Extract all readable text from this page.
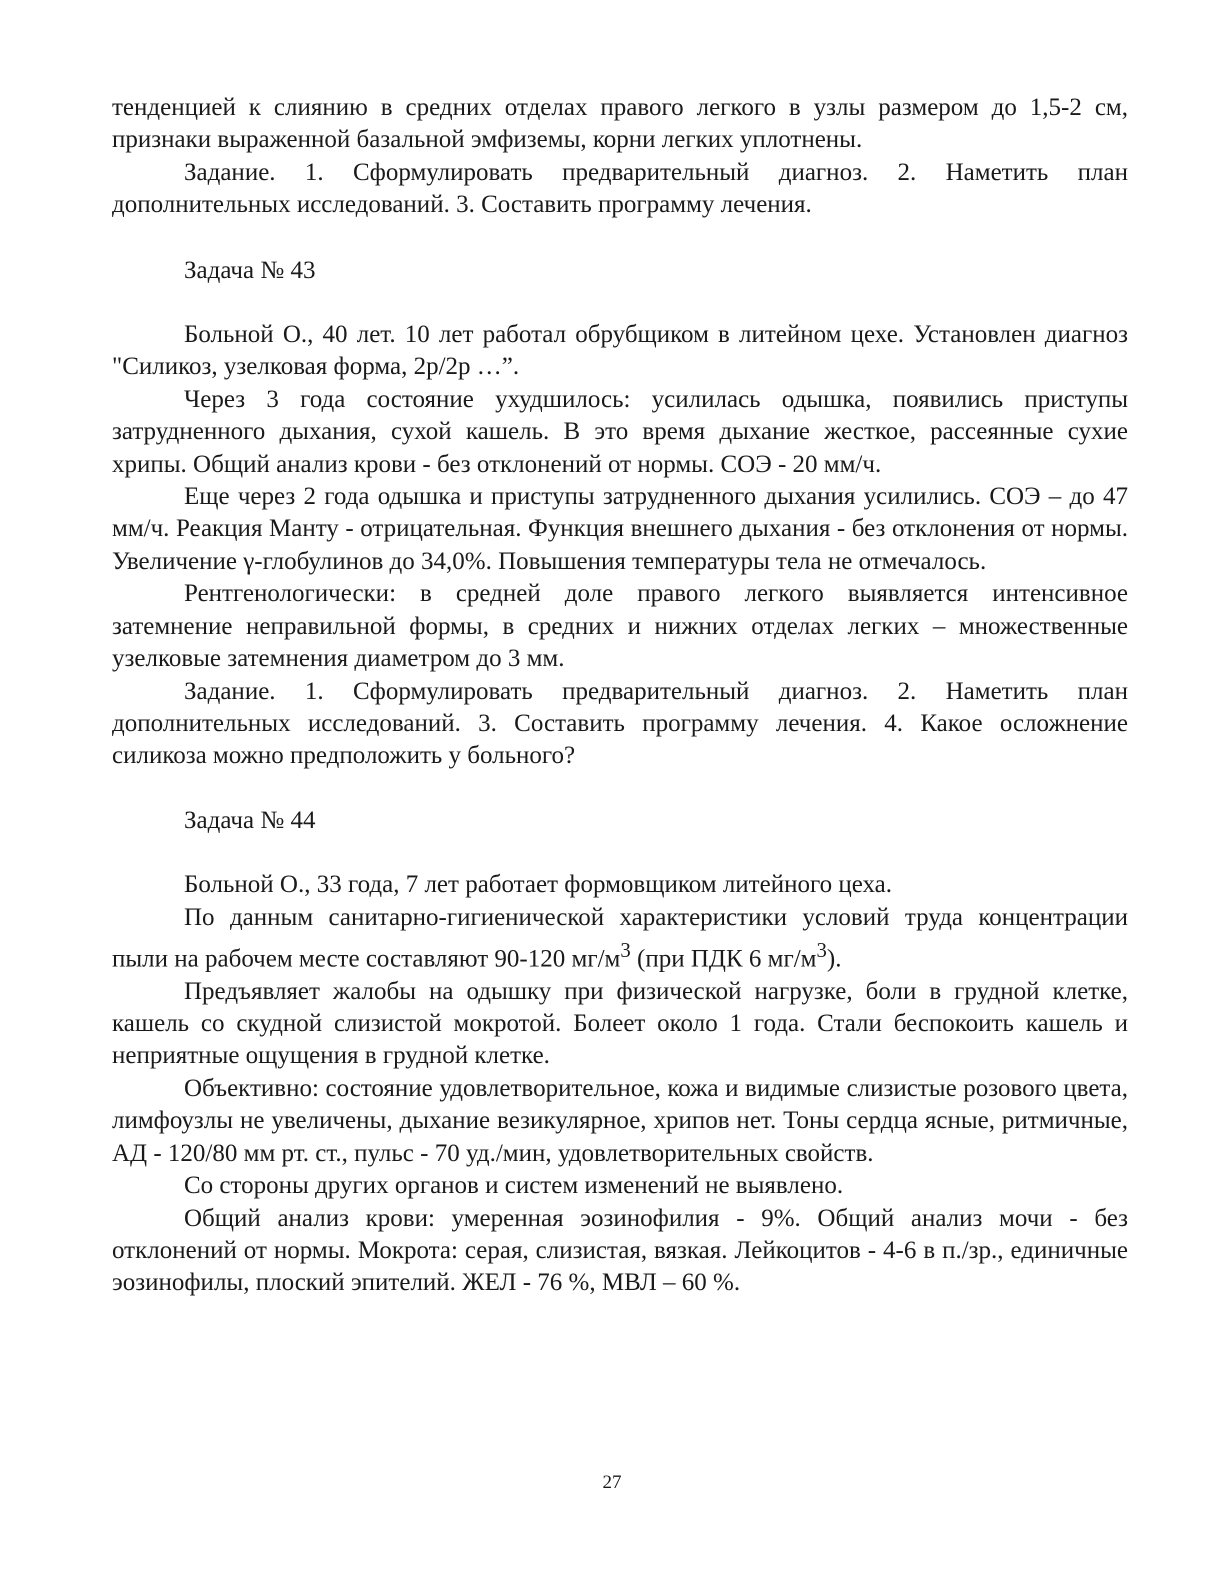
тенденцией к слиянию в средних отделах правого легкого в узлы размером до 1,5-2 см, признаки выраженной базальной эмфиземы, корни легких уплотнены.

Задание. 1. Сформулировать предварительный диагноз. 2. Наметить план дополнительных исследований. 3. Составить программу лечения.

Задача № 43

Больной О., 40 лет. 10 лет работал обрубщиком в литейном цехе. Установлен диагноз "Силикоз, узелковая форма, 2р/2р …”.

Через 3 года состояние ухудшилось: усилилась одышка, появились приступы затрудненного дыхания, сухой кашель. В это время дыхание жесткое, рассеянные сухие хрипы. Общий анализ крови - без отклонений от нормы. СОЭ - 20 мм/ч.

Еще через 2 года одышка и приступы затрудненного дыхания усилились. СОЭ – до 47 мм/ч. Реакция Манту - отрицательная. Функция внешнего дыхания - без отклонения от нормы. Увеличение γ-глобулинов до 34,0%. Повышения температуры тела не отмечалось.

Рентгенологически: в средней доле правого легкого выявляется интенсивное затемнение неправильной формы, в средних и нижних отделах легких – множественные узелковые затемнения диаметром до 3 мм.

Задание. 1. Сформулировать предварительный диагноз. 2. Наметить план дополнительных исследований. 3. Составить программу лечения. 4. Какое осложнение силикоза можно предположить у больного?

Задача № 44

Больной О., 33 года, 7 лет работает формовщиком литейного цеха.

По данным санитарно-гигиенической характеристики условий труда концентрации пыли на рабочем месте составляют 90-120 $мг/м^3$ (при ПДК 6 $мг/м^3$).

Предъявляет жалобы на одышку при физической нагрузке, боли в грудной клетке, кашель со скудной слизистой мокротой. Болеет около 1 года. Стали беспокоить кашель и неприятные ощущения в грудной клетке.

Объективно: состояние удовлетворительное, кожа и видимые слизистые розового цвета, лимфоузлы не увеличены, дыхание везикулярное, хрипов нет. Тоны сердца ясные, ритмичные, АД - 120/80 мм рт. ст., пульс - 70 уд./мин, удовлетворительных свойств.

Со стороны других органов и систем изменений не выявлено.

Общий анализ крови: умеренная эозинофилия - 9%. Общий анализ мочи - без отклонений от нормы. Мокрота: серая, слизистая, вязкая. Лейкоцитов - 4-6 в п./зр., единичные эозинофилы, плоский эпителий. ЖЕЛ - 76 %, МВЛ – 60 %.

27
